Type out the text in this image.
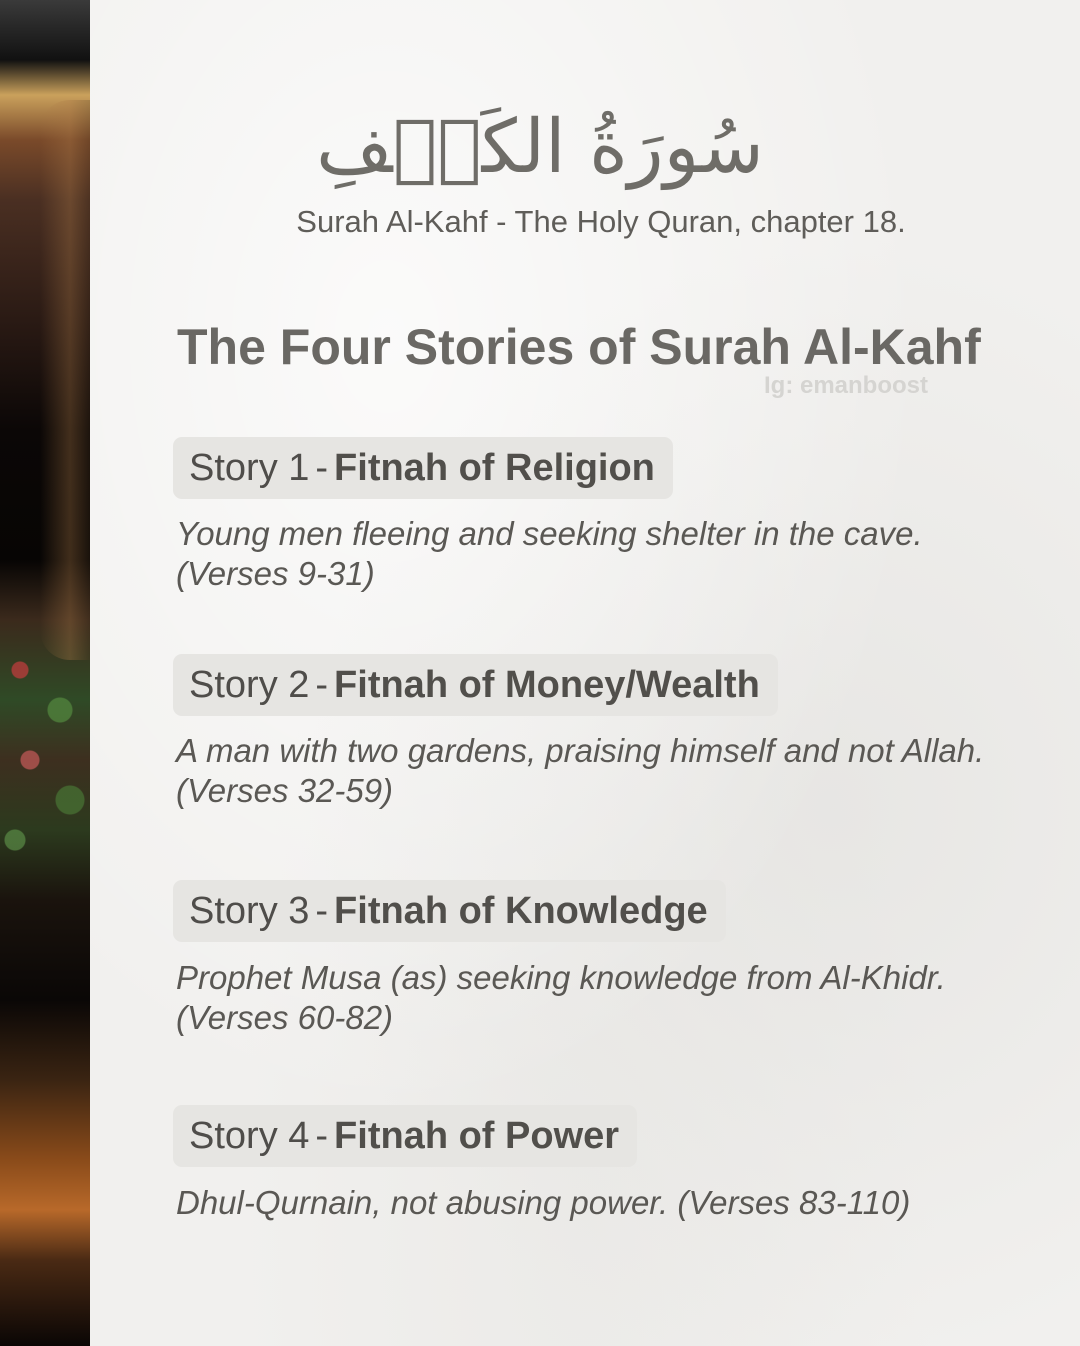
سُورَةُ الكَهۡفِ
Surah Al-Kahf - The Holy Quran, chapter 18.
The Four Stories of Surah Al-Kahf
Ig: emanboost
Story 1 - Fitnah of Religion
Young men fleeing and seeking shelter in the cave.
(Verses 9-31)
Story 2 - Fitnah of Money/Wealth
A man with two gardens, praising himself and not Allah.
(Verses 32-59)
Story 3 - Fitnah of Knowledge
Prophet Musa (as) seeking knowledge from Al-Khidr.
(Verses 60-82)
Story 4 - Fitnah of Power
Dhul-Qurnain, not abusing power. (Verses 83-110)
